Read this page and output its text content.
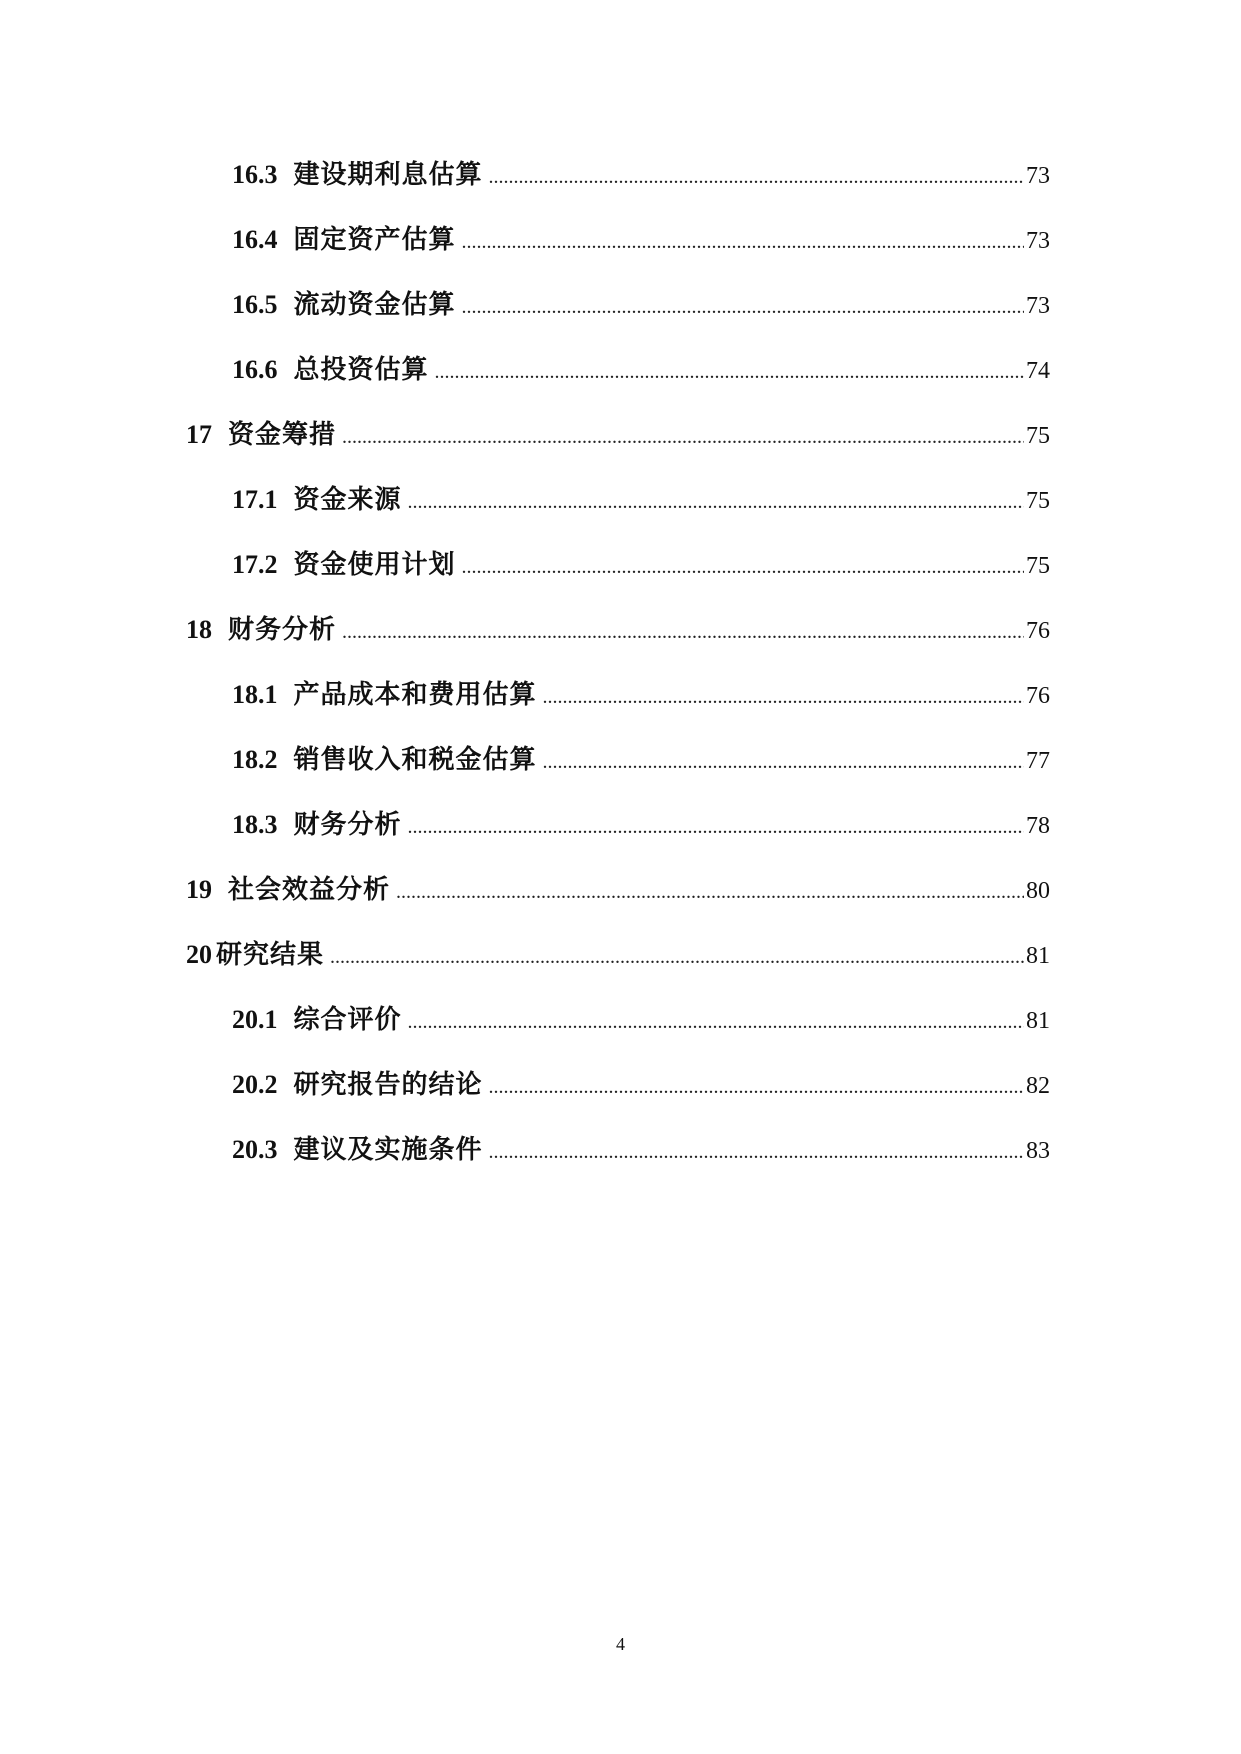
16.3 建设期利息估算 .....	73
16.4 固定资产估算 .....	73
16.5 流动资金估算 .....	73
16.6 总投资估算 .....	74
17 资金筹措 .....	75
17.1 资金来源 .....	75
17.2 资金使用计划 .....	75
18 财务分析 .....	76
18.1 产品成本和费用估算 .....	76
18.2 销售收入和税金估算 .....	77
18.3 财务分析 .....	78
19 社会效益分析 .....	80
20 研究结果 .....	81
20.1 综合评价 .....	81
20.2 研究报告的结论 .....	82
20.3 建议及实施条件 .....	83
4
